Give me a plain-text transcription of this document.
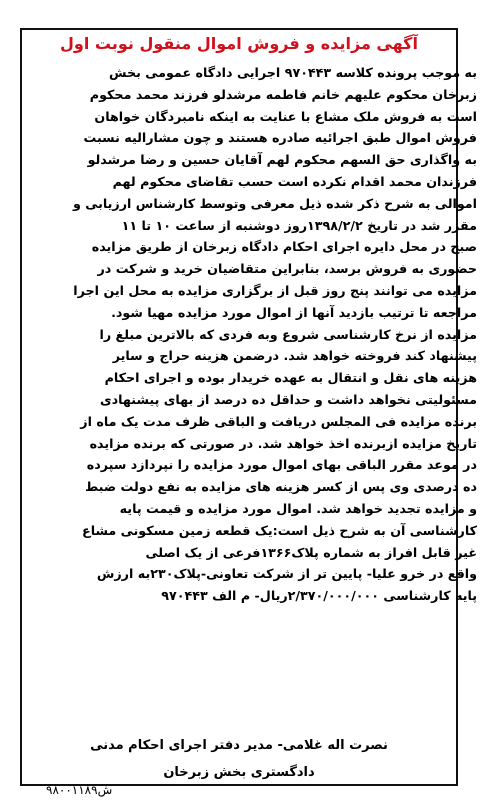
آگهی مزایده و فروش اموال منقول نوبت اول

به موجب پرونده کلاسه ۹۷۰۴۴۳ اجرایی دادگاه عمومی بخش

زبرخان محکوم علیهم خانم فاطمه مرشدلو فرزند محمد محکوم

است به فروش ملک مشاع با عنایت به اینکه نامبردگان خواهان

فروش اموال طبق اجرائیه صادره هستند و چون مشارالیه نسبت

به واگذاری حق السهم محکوم لهم آقایان حسین و رضا مرشدلو

فرزندان محمد اقدام نکرده است حسب تقاضای محکوم لهم

اموالی به شرح ذکر شده ذیل معرفی وتوسط کارشناس ارزیابی و

مقرر شد در تاریخ ۱۳۹۸/۲/۲روز دوشنبه از ساعت ۱۰ تا ۱۱

صبح در محل دایره اجرای احکام دادگاه زبرخان از طریق مزایده

حضوری به فروش برسد، بنابراین متقاضیان خرید و شرکت در

مزایده می توانند پنج روز قبل از برگزاری مزایده به محل این اجرا

مراجعه تا ترتیب بازدید آنها از اموال مورد مزایده مهیا شود.

مزایده از نرخ کارشناسی شروع وبه فردی که بالاترین مبلغ را

پیشنهاد کند فروخته خواهد شد. درضمن هزینه حراج و سایر

هزینه های نقل و انتقال به عهده خریدار بوده و اجرای احکام

مسئولیتی نخواهد داشت و حداقل ده درصد از بهای پیشنهادی

برنده مزایده فی المجلس دریافت و الباقی ظرف مدت یک ماه از

تاریخ مزایده ازبرنده اخذ خواهد شد. در صورتی که برنده مزایده

در موعد مقرر الباقی بهای اموال مورد مزایده را نپردازد سپرده

ده درصدی وی پس از کسر هزینه های مزایده به نفع دولت ضبط

و مزایده تجدید خواهد شد. اموال مورد مزایده و قیمت پایه

کارشناسی آن به شرح ذیل است:یک قطعه زمین مسکونی مشاع

غیر قابل افراز به شماره پلاک۱۳۶۶فرعی از یک اصلی

واقع در خرو علیا- پایین تر از شرکت تعاونی-پلاک۲۳۰به ارزش

پایه کارشناسی ۲/۳۷۰/۰۰۰/۰۰۰ریال- م الف ۹۷۰۴۴۳

نصرت اله غلامی- مدیر دفتر اجرای احکام مدنی
دادگستری بخش زبرخان
ش۹۸۰۰۱۱۸۹
